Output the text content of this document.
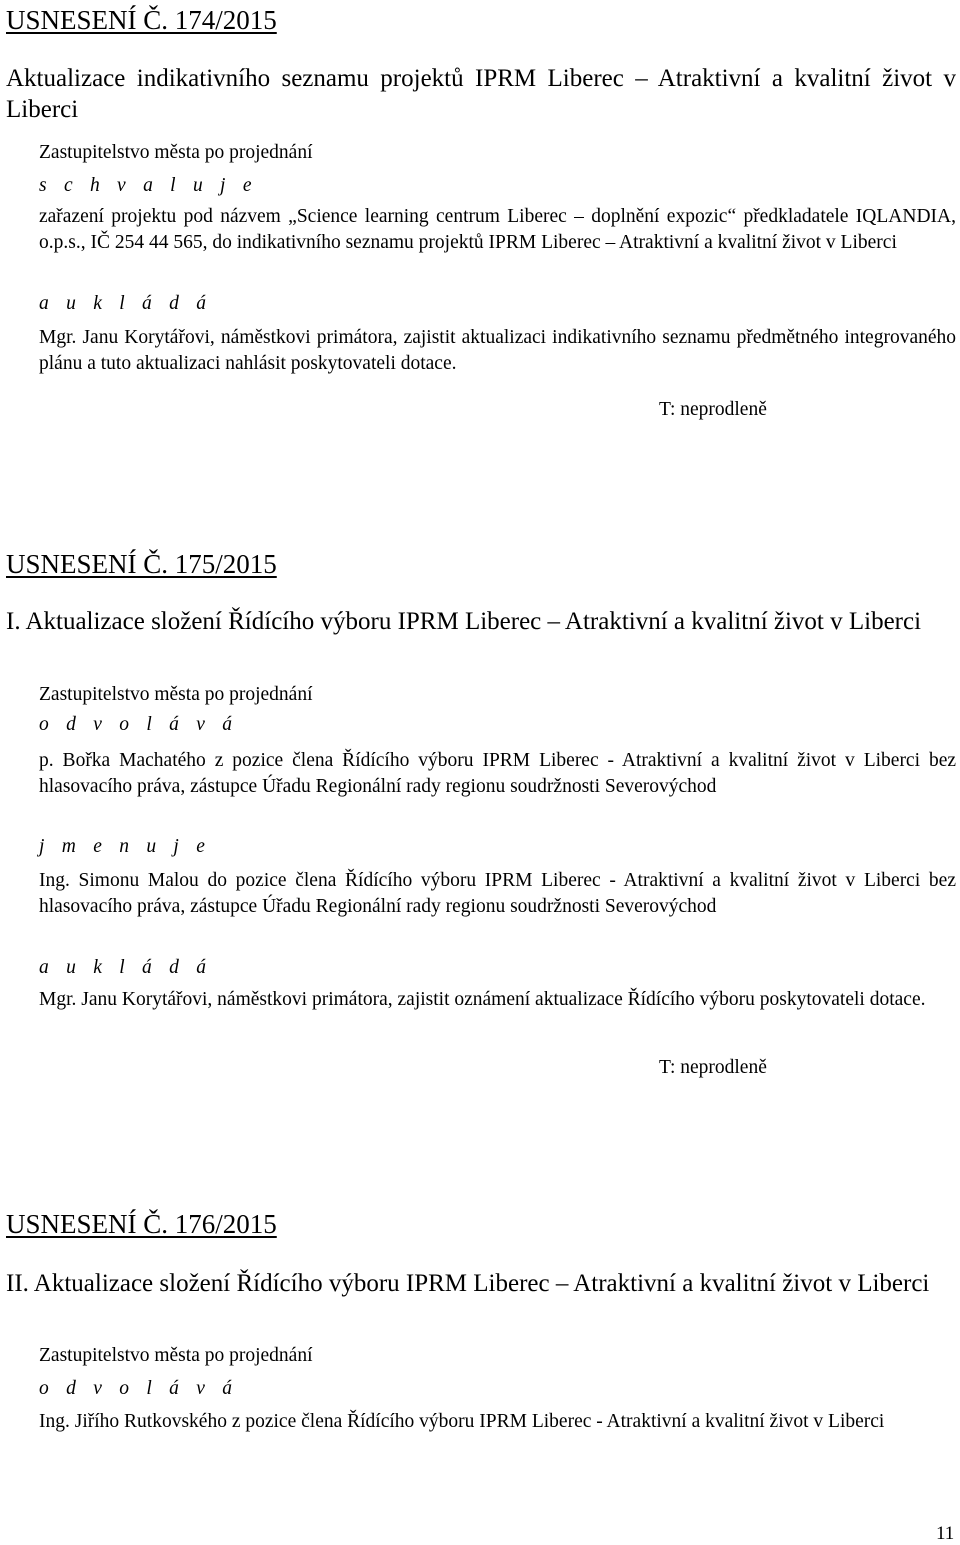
USNESENÍ Č. 174/2015
Aktualizace indikativního seznamu projektů IPRM Liberec – Atraktivní a kvalitní život v Liberci
Zastupitelstvo města po projednání
s c h v a l u j e
zařazení projektu pod názvem „Science learning centrum Liberec – doplnění expozic“ předkladatele IQLANDIA, o.p.s., IČ 254 44 565, do indikativního seznamu projektů IPRM Liberec – Atraktivní a kvalitní život v Liberci
a u k l á d á
Mgr. Janu Korytářovi, náměstkovi primátora, zajistit aktualizaci indikativního seznamu předmětného integrovaného plánu a tuto aktualizaci nahlásit poskytovateli dotace.
T: neprodleně
USNESENÍ Č. 175/2015
I. Aktualizace složení Řídícího výboru IPRM Liberec – Atraktivní a kvalitní život v Liberci
Zastupitelstvo města po projednání
o d v o l á v á
p. Bořka Machatého z pozice člena Řídícího výboru IPRM Liberec - Atraktivní a kvalitní život v Liberci bez hlasovacího práva, zástupce Úřadu Regionální rady regionu soudržnosti Severovýchod
j m e n u j e
Ing. Simonu Malou do pozice člena Řídícího výboru IPRM Liberec - Atraktivní a kvalitní život v Liberci bez hlasovacího práva, zástupce Úřadu Regionální rady regionu soudržnosti Severovýchod
a u k l á d á
Mgr. Janu Korytářovi, náměstkovi primátora, zajistit oznámení aktualizace Řídícího výboru poskytovateli dotace.
T: neprodleně
USNESENÍ Č. 176/2015
II. Aktualizace složení Řídícího výboru IPRM Liberec – Atraktivní a kvalitní život v Liberci
Zastupitelstvo města po projednání
o d v o l á v á
Ing. Jiřího Rutkovského z pozice člena Řídícího výboru IPRM Liberec - Atraktivní a kvalitní život v Liberci
11
